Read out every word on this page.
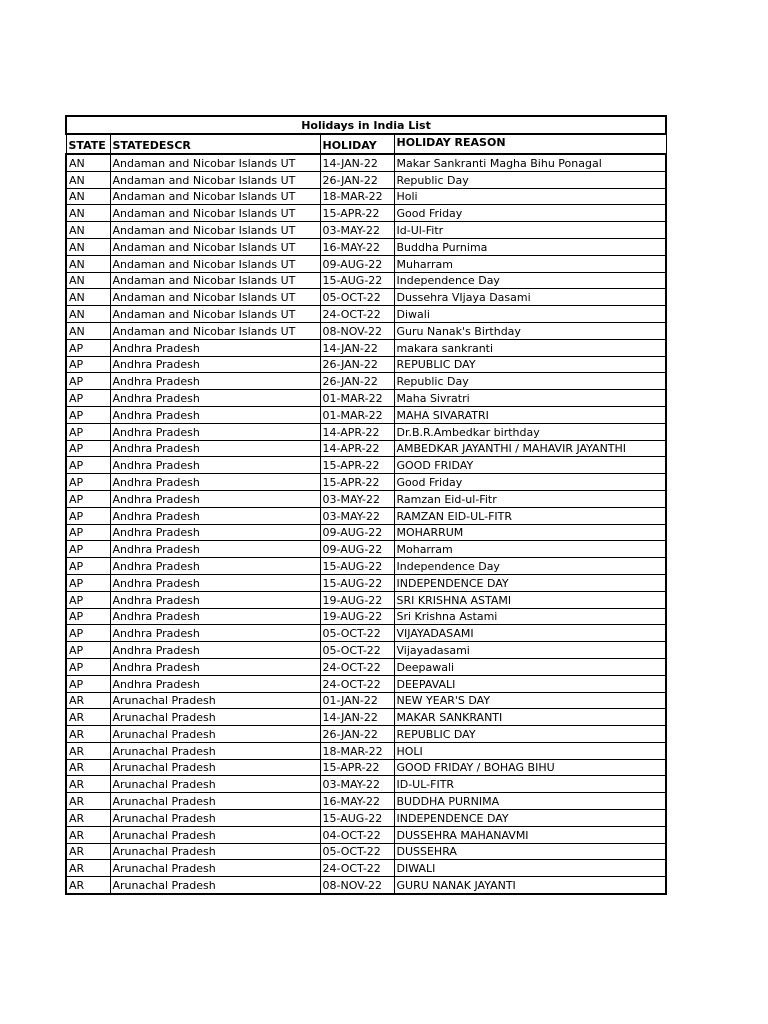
Holidays in India List			
STATE	STATEDESCR	HOLIDAY	HOLIDAY REASON
AN	Andaman and Nicobar Islands UT	14-JAN-22	Makar Sankranti Magha Bihu Ponagal
AN	Andaman and Nicobar Islands UT	26-JAN-22	Republic Day
AN	Andaman and Nicobar Islands UT	18-MAR-22	Holi
AN	Andaman and Nicobar Islands UT	15-APR-22	Good Friday
AN	Andaman and Nicobar Islands UT	03-MAY-22	Id-Ul-Fitr
AN	Andaman and Nicobar Islands UT	16-MAY-22	Buddha Purnima
AN	Andaman and Nicobar Islands UT	09-AUG-22	Muharram
AN	Andaman and Nicobar Islands UT	15-AUG-22	Independence Day
AN	Andaman and Nicobar Islands UT	05-OCT-22	Dussehra VIjaya Dasami
AN	Andaman and Nicobar Islands UT	24-OCT-22	Diwali
AN	Andaman and Nicobar Islands UT	08-NOV-22	Guru Nanak's Birthday
AP	Andhra Pradesh	14-JAN-22	makara sankranti
AP	Andhra Pradesh	26-JAN-22	REPUBLIC DAY
AP	Andhra Pradesh	26-JAN-22	Republic Day
AP	Andhra Pradesh	01-MAR-22	Maha Sivratri
AP	Andhra Pradesh	01-MAR-22	MAHA SIVARATRI
AP	Andhra Pradesh	14-APR-22	Dr.B.R.Ambedkar birthday
AP	Andhra Pradesh	14-APR-22	AMBEDKAR JAYANTHI / MAHAVIR JAYANTHI
AP	Andhra Pradesh	15-APR-22	GOOD FRIDAY
AP	Andhra Pradesh	15-APR-22	Good Friday
AP	Andhra Pradesh	03-MAY-22	Ramzan Eid-ul-Fitr
AP	Andhra Pradesh	03-MAY-22	RAMZAN EID-UL-FITR
AP	Andhra Pradesh	09-AUG-22	MOHARRUM
AP	Andhra Pradesh	09-AUG-22	Moharram
AP	Andhra Pradesh	15-AUG-22	Independence Day
AP	Andhra Pradesh	15-AUG-22	INDEPENDENCE DAY
AP	Andhra Pradesh	19-AUG-22	SRI KRISHNA ASTAMI
AP	Andhra Pradesh	19-AUG-22	Sri Krishna Astami
AP	Andhra Pradesh	05-OCT-22	VIJAYADASAMI
AP	Andhra Pradesh	05-OCT-22	Vijayadasami
AP	Andhra Pradesh	24-OCT-22	Deepawali
AP	Andhra Pradesh	24-OCT-22	DEEPAVALI
AR	Arunachal Pradesh	01-JAN-22	NEW YEAR'S DAY
AR	Arunachal Pradesh	14-JAN-22	MAKAR SANKRANTI
AR	Arunachal Pradesh	26-JAN-22	REPUBLIC DAY
AR	Arunachal Pradesh	18-MAR-22	HOLI
AR	Arunachal Pradesh	15-APR-22	GOOD FRIDAY / BOHAG BIHU
AR	Arunachal Pradesh	03-MAY-22	ID-UL-FITR
AR	Arunachal Pradesh	16-MAY-22	BUDDHA PURNIMA
AR	Arunachal Pradesh	15-AUG-22	INDEPENDENCE DAY
AR	Arunachal Pradesh	04-OCT-22	DUSSEHRA MAHANAVMI
AR	Arunachal Pradesh	05-OCT-22	DUSSEHRA
AR	Arunachal Pradesh	24-OCT-22	DIWALI
AR	Arunachal Pradesh	08-NOV-22	GURU NANAK JAYANTI
